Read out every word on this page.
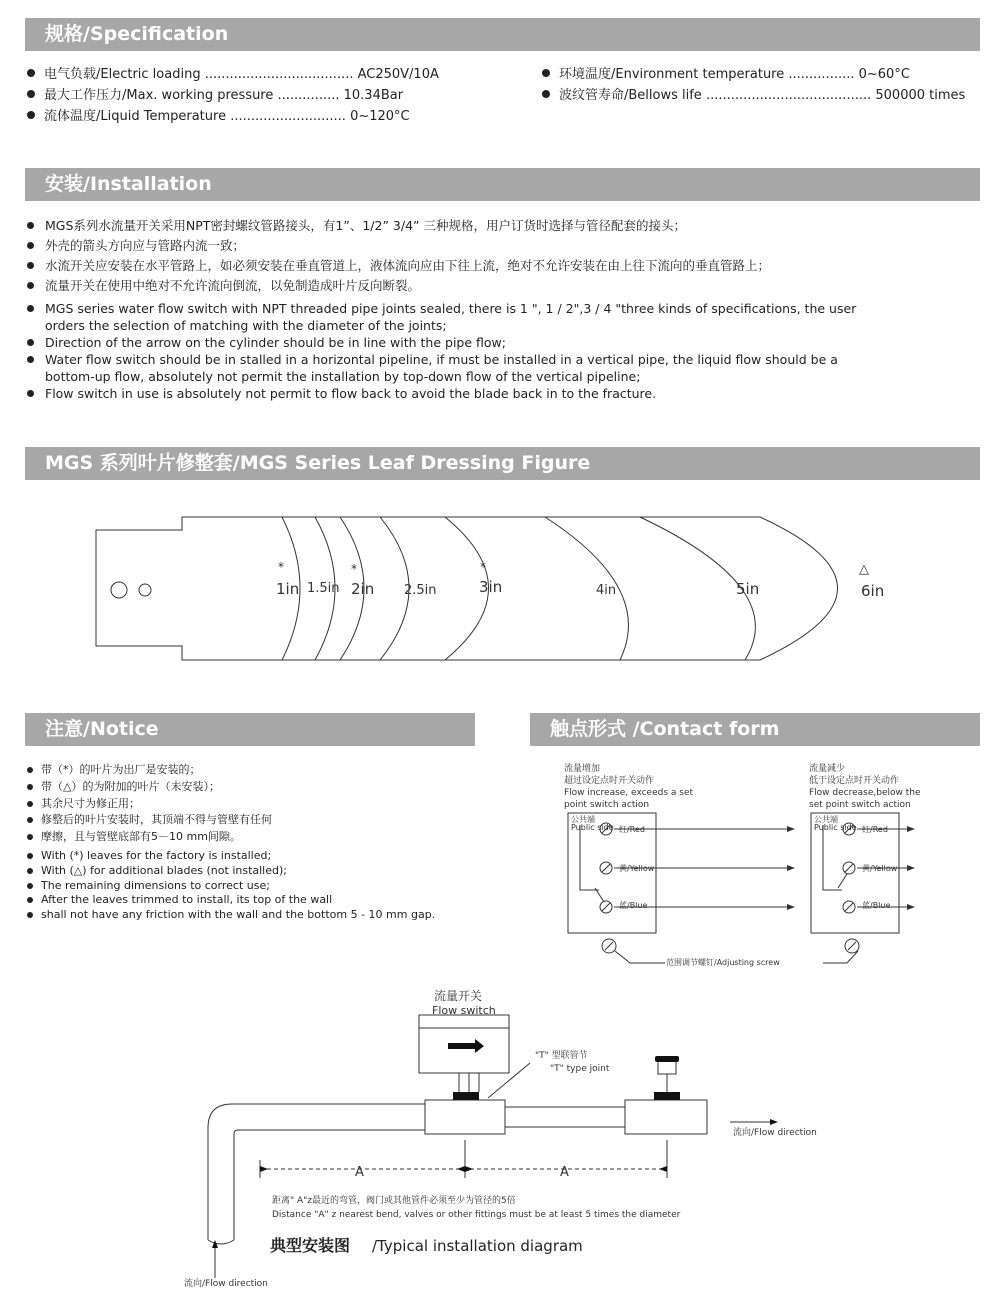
规格/Specification
电气负载/Electric loading .................................... AC250V/10A
最大工作压力/Max. working pressure ............... 10.34Bar
流体温度/Liquid Temperature ............................ 0~120°C
环境温度/Environment temperature ................ 0~60°C
波纹管寿命/Bellows life ........................................ 500000 times
安装/Installation
MGS系列水流量开关采用NPT密封螺纹管路接头，有1”、1/2” 3/4” 三种规格，用户订货时选择与管径配套的接头；
外壳的箭头方向应与管路内流一致；
水流开关应安装在水平管路上，如必须安装在垂直管道上，液体流向应由下往上流，绝对不允许安装在由上往下流向的垂直管路上；
流量开关在使用中绝对不允许流向倒流，以免制造成叶片反向断裂。
MGS series water flow switch with NPT threaded pipe joints sealed, there is 1 ", 1 / 2",3 / 4 "three kinds of specifications, the user orders the selection of matching with the diameter of the joints;
Direction of the arrow on the cylinder should be in line with the pipe flow;
Water flow switch should be in stalled in a horizontal pipeline, if must be installed in a vertical pipe, the liquid flow should be a bottom-up flow, absolutely not permit the installation by top-down flow of the vertical pipeline;
Flow switch in use is absolutely not permit to flow back to avoid the blade back in to the fracture.
MGS 系列叶片修整套/MGS Series Leaf Dressing Figure
1in 1.5in 2in 2.5in	3in	4in	5in	6in
*	*	*	△
注意/Notice
带（*）的叶片为出厂是安装的；
带（△）的为附加的叶片（未安装）；
其余尺寸为修正用；
修整后的叶片安装时，其顶端不得与管壁有任何
摩擦，且与管壁底部有5－10 mm间隙。
With (*) leaves for the factory is installed;
With (△) for additional blades (not installed);
The remaining dimensions to correct use;
After the leaves trimmed to install, its top of the wall
shall not have any friction with the wall and the bottom 5 - 10 mm gap.
触点形式 /Contact form
流量增加
超过设定点时开关动作
Flow increase, exceeds a set
point switch action
流量减少
低于设定点时开关动作
Flow decrease,below the
set point switch action
公共端
Public side
公共端
Public side
红/Red
黄/Yellow
蓝/Blue
红/Red
黄/Yellow
蓝/Blue
范围调节螺钉/Adjusting screw
流量开关
Flow switch
"T" 型联管节
"T" type joint
流向/Flow direction
流向/Flow direction
距离" A"z最近的弯管，阀门或其他管件必须至少为管径的5倍
Distance "A" z nearest bend, valves or other fittings must be at least 5 times the diameter
A	A
典型安装图 /Typical installation diagram
